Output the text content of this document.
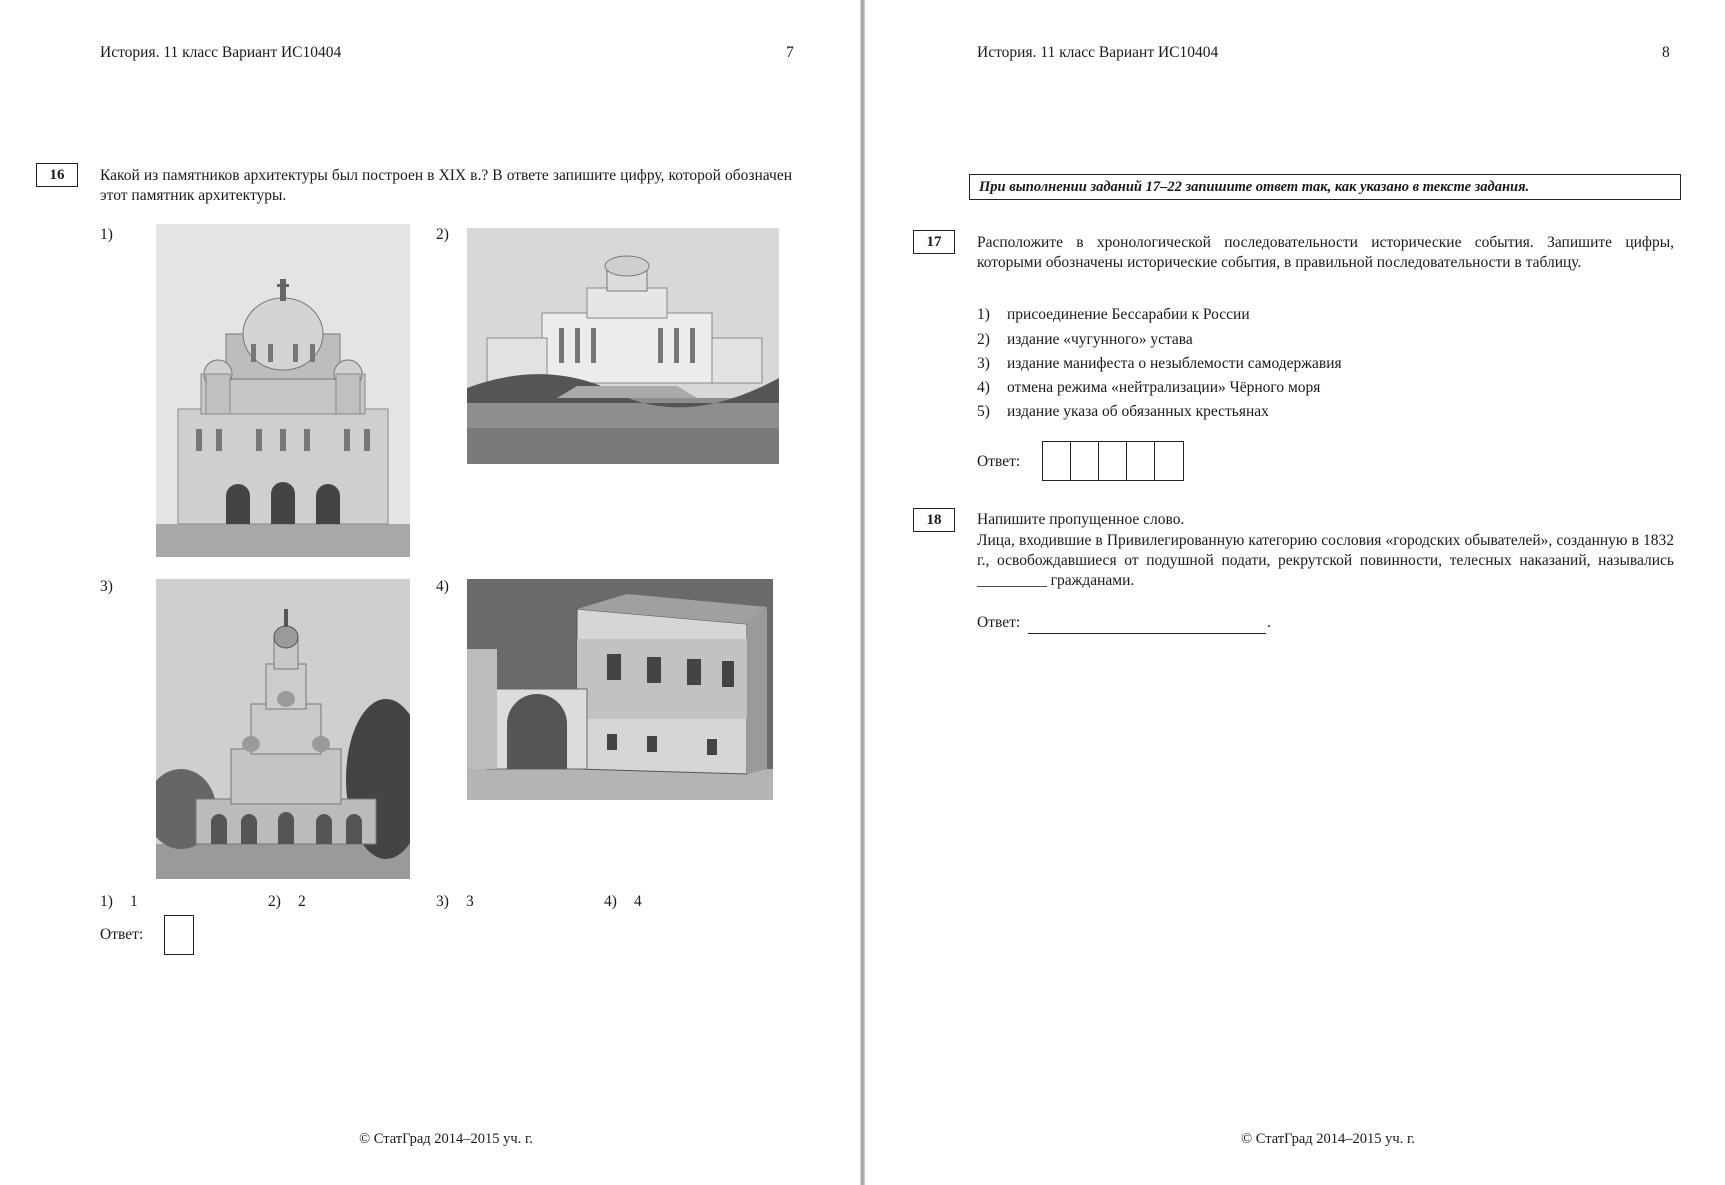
История. 11 класс Вариант ИС10404	7
16	Какой из памятников архитектуры был построен в XIX в.? В ответе запишите цифру, которой обозначен этот памятник архитектуры.
1)	2)
3)	4)
1) 1	2) 2	3) 3	4) 4
Ответ:
© СтатГрад 2014–2015 уч. г.
История. 11 класс Вариант ИС10404	8
При выполнении заданий 17–22 запишите ответ так, как указано в тексте задания.
17	Расположите в хронологической последовательности исторические события. Запишите цифры, которыми обозначены исторические события, в правильной последовательности в таблицу.
1) присоединение Бессарабии к России
2) издание «чугунного» устава
3) издание манифеста о незыблемости самодержавия
4) отмена режима «нейтрализации» Чёрного моря
5) издание указа об обязанных крестьянах
Ответ:
18	Напишите пропущенное слово.
Лица, входившие в Привилегированную категорию сословия «городских обывателей», созданную в 1832 г., освобождавшиеся от подушной подати, рекрутской повинности, телесных наказаний, назывались _________ гражданами.
Ответ:	.
© СтатГрад 2014–2015 уч. г.
